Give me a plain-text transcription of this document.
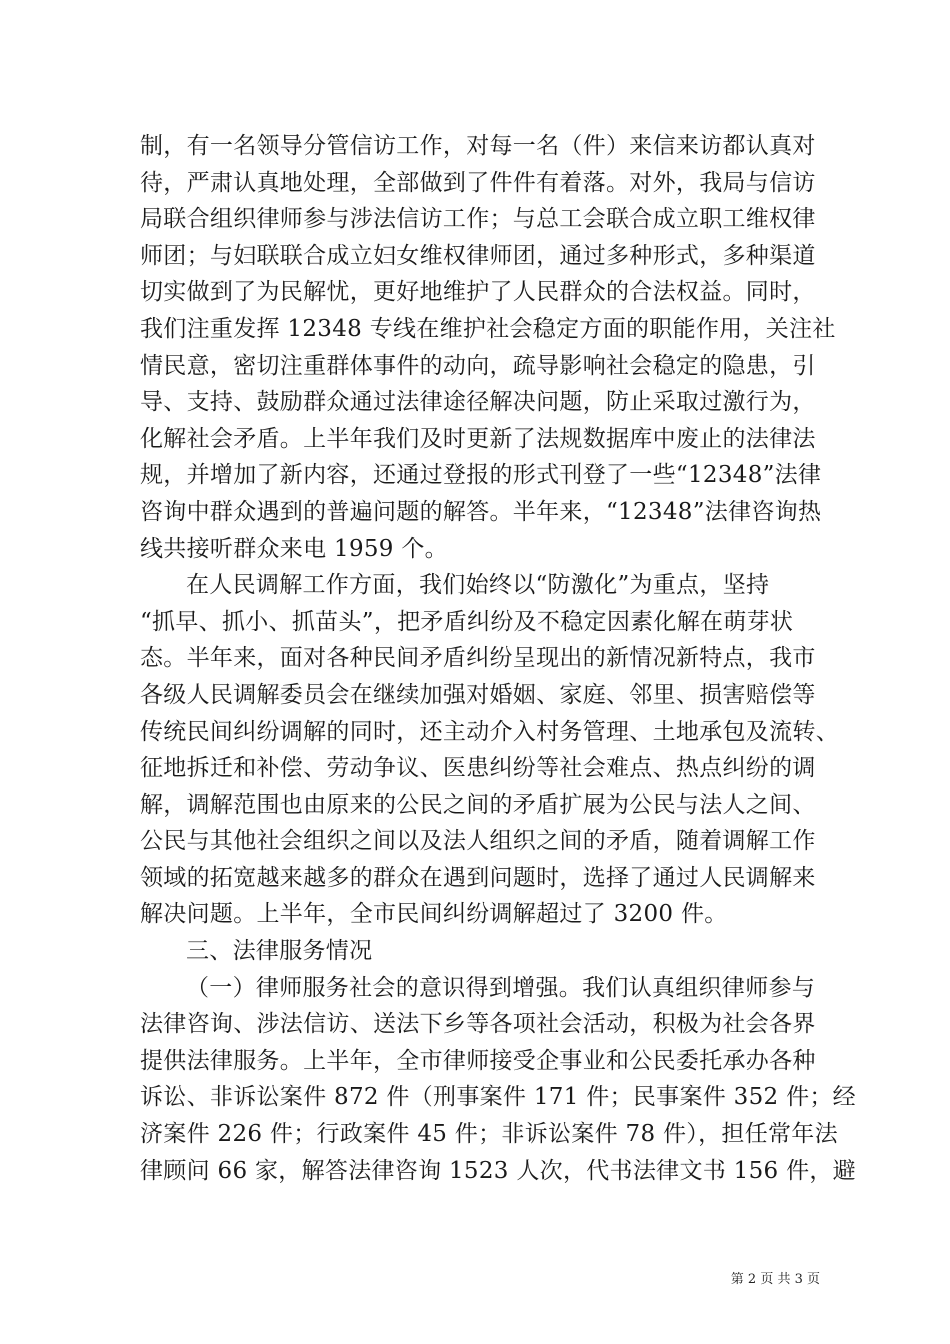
制，有一名领导分管信访工作，对每一名（件）来信来访都认真对
待，严肃认真地处理，全部做到了件件有着落。对外，我局与信访
局联合组织律师参与涉法信访工作；与总工会联合成立职工维权律
师团；与妇联联合成立妇女维权律师团，通过多种形式，多种渠道
切实做到了为民解忧，更好地维护了人民群众的合法权益。同时，
我们注重发挥 12348 专线在维护社会稳定方面的职能作用，关注社
情民意，密切注重群体事件的动向，疏导影响社会稳定的隐患，引
导、支持、鼓励群众通过法律途径解决问题，防止采取过激行为，
化解社会矛盾。上半年我们及时更新了法规数据库中废止的法律法
规，并增加了新内容，还通过登报的形式刊登了一些“12348”法律
咨询中群众遇到的普遍问题的解答。半年来，“12348”法律咨询热
线共接听群众来电 1959 个。
在人民调解工作方面，我们始终以“防激化”为重点，坚持
“抓早、抓小、抓苗头”，把矛盾纠纷及不稳定因素化解在萌芽状
态。半年来，面对各种民间矛盾纠纷呈现出的新情况新特点，我市
各级人民调解委员会在继续加强对婚姻、家庭、邻里、损害赔偿等
传统民间纠纷调解的同时，还主动介入村务管理、土地承包及流转、
征地拆迁和补偿、劳动争议、医患纠纷等社会难点、热点纠纷的调
解，调解范围也由原来的公民之间的矛盾扩展为公民与法人之间、
公民与其他社会组织之间以及法人组织之间的矛盾，随着调解工作
领域的拓宽越来越多的群众在遇到问题时，选择了通过人民调解来
解决问题。上半年，全市民间纠纷调解超过了 3200 件。
三、法律服务情况
（一）律师服务社会的意识得到增强。我们认真组织律师参与
法律咨询、涉法信访、送法下乡等各项社会活动，积极为社会各界
提供法律服务。上半年，全市律师接受企事业和公民委托承办各种
诉讼、非诉讼案件 872 件（刑事案件 171 件；民事案件 352 件；经
济案件 226 件；行政案件 45 件；非诉讼案件 78 件），担任常年法
律顾问 66 家，解答法律咨询 1523 人次，代书法律文书 156 件，避
第 2 页 共 3 页
